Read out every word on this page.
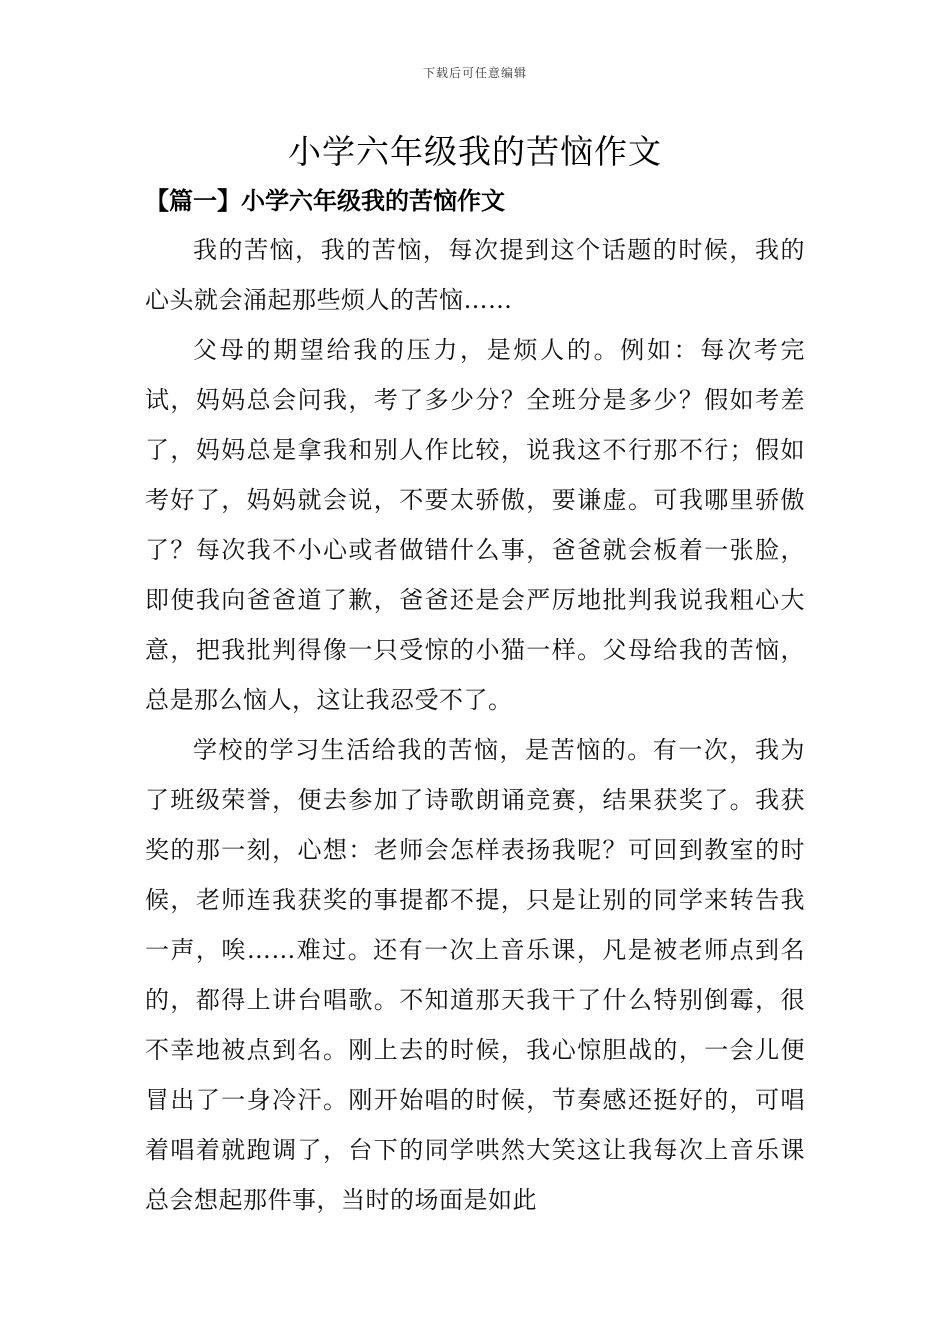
下载后可任意编辑
小学六年级我的苦恼作文
【篇一】小学六年级我的苦恼作文

我的苦恼，我的苦恼，每次提到这个话题的时候，我的心头就会涌起那些烦人的苦恼……

父母的期望给我的压力，是烦人的。例如：每次考完试，妈妈总会问我，考了多少分？全班分是多少？假如考差了，妈妈总是拿我和别人作比较，说我这不行那不行；假如考好了，妈妈就会说，不要太骄傲，要谦虚。可我哪里骄傲了？每次我不小心或者做错什么事，爸爸就会板着一张脸，即使我向爸爸道了歉，爸爸还是会严厉地批判我说我粗心大意，把我批判得像一只受惊的小猫一样。父母给我的苦恼，总是那么恼人，这让我忍受不了。

学校的学习生活给我的苦恼，是苦恼的。有一次，我为了班级荣誉，便去参加了诗歌朗诵竞赛，结果获奖了。我获奖的那一刻，心想：老师会怎样表扬我呢？可回到教室的时候，老师连我获奖的事提都不提，只是让别的同学来转告我一声，唉……难过。还有一次上音乐课，凡是被老师点到名的，都得上讲台唱歌。不知道那天我干了什么特别倒霉，很不幸地被点到名。刚上去的时候，我心惊胆战的，一会儿便冒出了一身冷汗。刚开始唱的时候，节奏感还挺好的，可唱着唱着就跑调了，台下的同学哄然大笑这让我每次上音乐课总会想起那件事，当时的场面是如此
